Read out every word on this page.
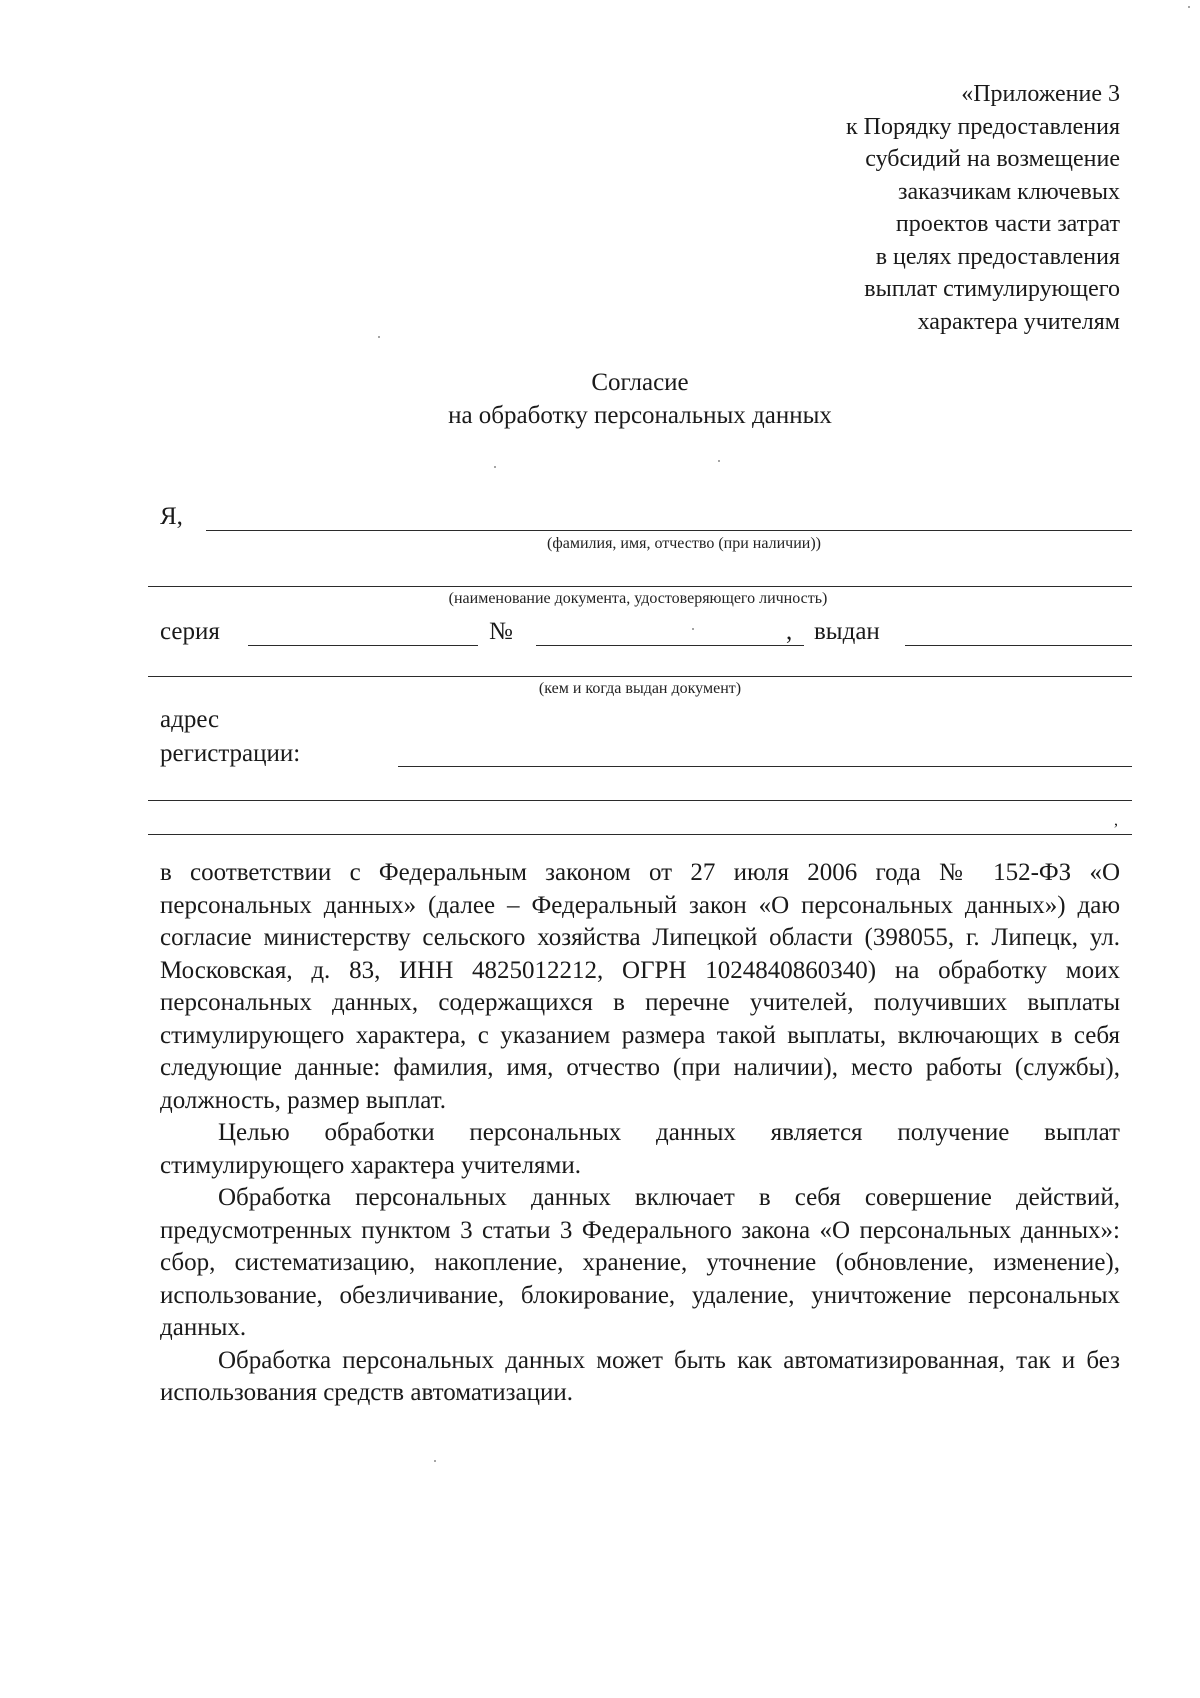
«Приложение 3
к Порядку предоставления
субсидий на возмещение
заказчикам ключевых
проектов части затрат
в целях предоставления
выплат стимулирующего
характера учителям
Согласие
на обработку персональных данных
Я,
(фамилия, имя, отчество (при наличии))
(наименование документа, удостоверяющего личность)
серия	№	, выдан
(кем и когда выдан документ)
адрес
регистрации:
,

в соответствии с Федеральным законом от 27 июля 2006 года № 152-ФЗ «О персональных данных» (далее – Федеральный закон «О персональных данных») даю согласие министерству сельского хозяйства Липецкой области (398055, г. Липецк, ул. Московская, д. 83, ИНН 4825012212, ОГРН 1024840860340) на обработку моих персональных данных, содержащихся в перечне учителей, получивших выплаты стимулирующего характера, с указанием размера такой выплаты, включающих в себя следующие данные: фамилия, имя, отчество (при наличии), место работы (службы), должность, размер выплат.

Целью обработки персональных данных является получение выплат стимулирующего характера учителями.

Обработка персональных данных включает в себя совершение действий, предусмотренных пунктом 3 статьи 3 Федерального закона «О персональных данных»: сбор, систематизацию, накопление, хранение, уточнение (обновление, изменение), использование, обезличивание, блокирование, удаление, уничтожение персональных данных.

Обработка персональных данных может быть как автоматизированная, так и без использования средств автоматизации.
